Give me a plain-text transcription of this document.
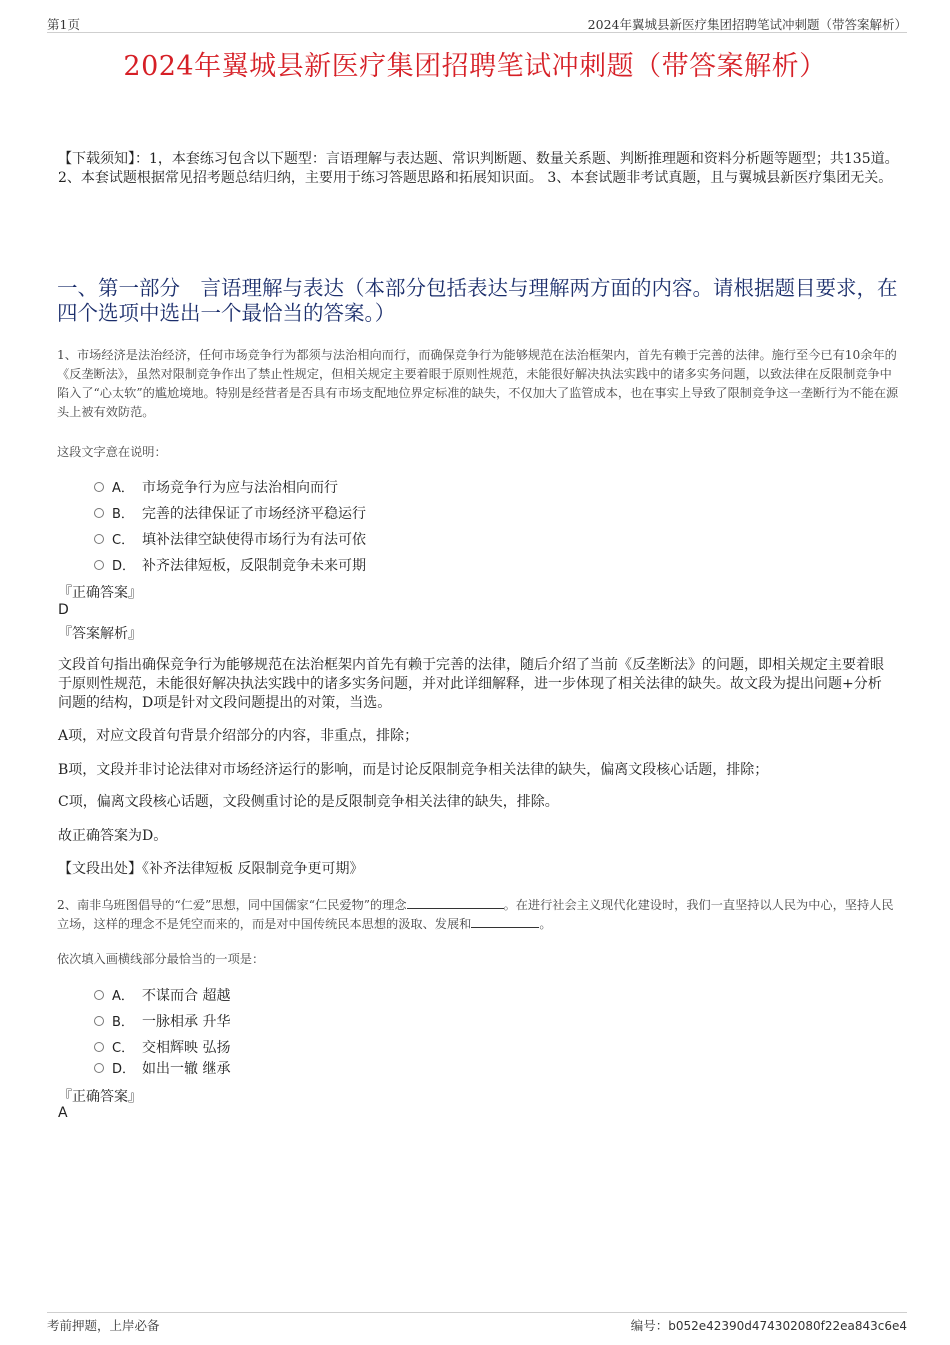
第1页	2024年翼城县新医疗集团招聘笔试冲刺题（带答案解析）
2024年翼城县新医疗集团招聘笔试冲刺题（带答案解析）
【下载须知】：1，本套练习包含以下题型：言语理解与表达题、常识判断题、数量关系题、判断推理题和资料分析题等题型；共135道。 2、本套试题根据常见招考题总结归纳，主要用于练习答题思路和拓展知识面。 3、本套试题非考试真题，且与翼城县新医疗集团无关。
一、第一部分　言语理解与表达（本部分包括表达与理解两方面的内容。请根据题目要求，在四个选项中选出一个最恰当的答案。）
1、市场经济是法治经济，任何市场竞争行为都须与法治相向而行，而确保竞争行为能够规范在法治框架内，首先有赖于完善的法律。施行至今已有10余年的《反垄断法》，虽然对限制竞争作出了禁止性规定，但相关规定主要着眼于原则性规范，未能很好解决执法实践中的诸多实务问题，以致法律在反限制竞争中陷入了“心太软”的尴尬境地。特别是经营者是否具有市场支配地位界定标准的缺失，不仅加大了监管成本，也在事实上导致了限制竞争这一垄断行为不能在源头上被有效防范。
这段文字意在说明：
A． 市场竞争行为应与法治相向而行
B． 完善的法律保证了市场经济平稳运行
C． 填补法律空缺使得市场行为有法可依
D． 补齐法律短板，反限制竞争未来可期
『正确答案』
D
『答案解析』
文段首句指出确保竞争行为能够规范在法治框架内首先有赖于完善的法律，随后介绍了当前《反垄断法》的问题，即相关规定主要着眼于原则性规范，未能很好解决执法实践中的诸多实务问题，并对此详细解释，进一步体现了相关法律的缺失。故文段为提出问题+分析问题的结构，D项是针对文段问题提出的对策，当选。
A项，对应文段首句背景介绍部分的内容，非重点，排除；
B项，文段并非讨论法律对市场经济运行的影响，而是讨论反限制竞争相关法律的缺失，偏离文段核心话题，排除；
C项，偏离文段核心话题，文段侧重讨论的是反限制竞争相关法律的缺失，排除。
故正确答案为D。
【文段出处】《补齐法律短板 反限制竞争更可期》
2、南非乌班图倡导的“仁爱”思想，同中国儒家“仁民爱物”的理念	。在进行社会主义现代化建设时，我们一直坚持以人民为中心，坚持人民立场，这样的理念不是凭空而来的，而是对中国传统民本思想的汲取、发展和	。
依次填入画横线部分最恰当的一项是：
A． 不谋而合 超越
B． 一脉相承 升华
C． 交相辉映 弘扬
D． 如出一辙 继承
『正确答案』
A
考前押题，上岸必备	编号：b052e42390d474302080f22ea843c6e4
